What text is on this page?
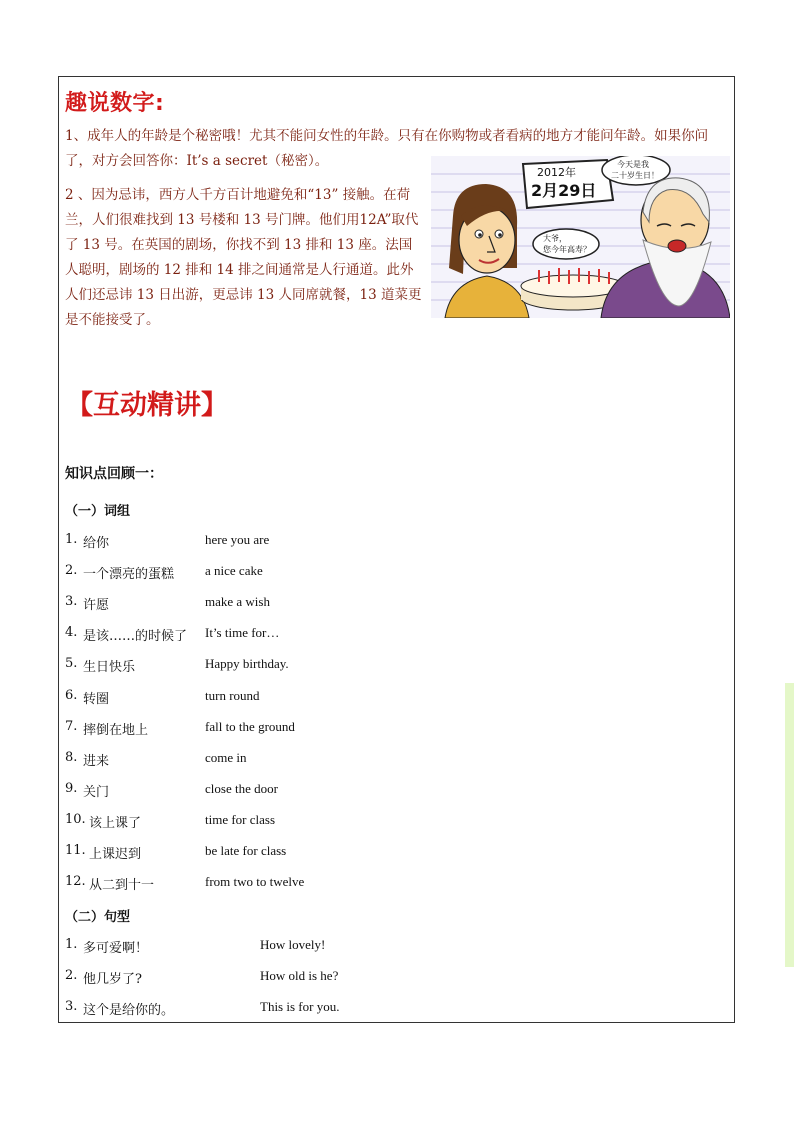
趣说数字:

1、成年人的年龄是个秘密哦！尤其不能问女性的年龄。只有在你购物或者看病的地方才能问年龄。如果你问了，对方会回答你：It’s a secret（秘密）。

2 、因为忌讳，西方人千方百计地避免和“13” 接触。在荷兰，人们很难找到 13 号楼和 13 号门牌。他们用12A”取代了 13 号。在英国的剧场，你找不到 13 排和 13 座。法国人聪明，剧场的 12 排和 14 排之间通常是人行通道。此外人们还忌讳 13 日出游，更忌讳 13 人同席就餐，13 道菜更是不能接受了。

2012年
2月29日
今天是我
二十岁生日！
大爷，
您今年高寿？
【互动精讲】
知识点回顾一：
（一）词组
1. 给你	here you are
2. 一个漂亮的蛋糕 a nice cake
3. 许愿	make a wish
4. 是该……的时候了 It’s time for…
5. 生日快乐	Happy birthday.
6. 转圈	turn round
7. 摔倒在地上	fall to the ground
8. 进来	come in
9. 关门	close the door
10. 该上课了	time for class
11. 上课迟到	be late for class
12. 从二到十一	from two to twelve
（二）句型
1. 多可爱啊！	How lovely!
2. 他几岁了?	How old is he?
3. 这个是给你的。	This is for you.
